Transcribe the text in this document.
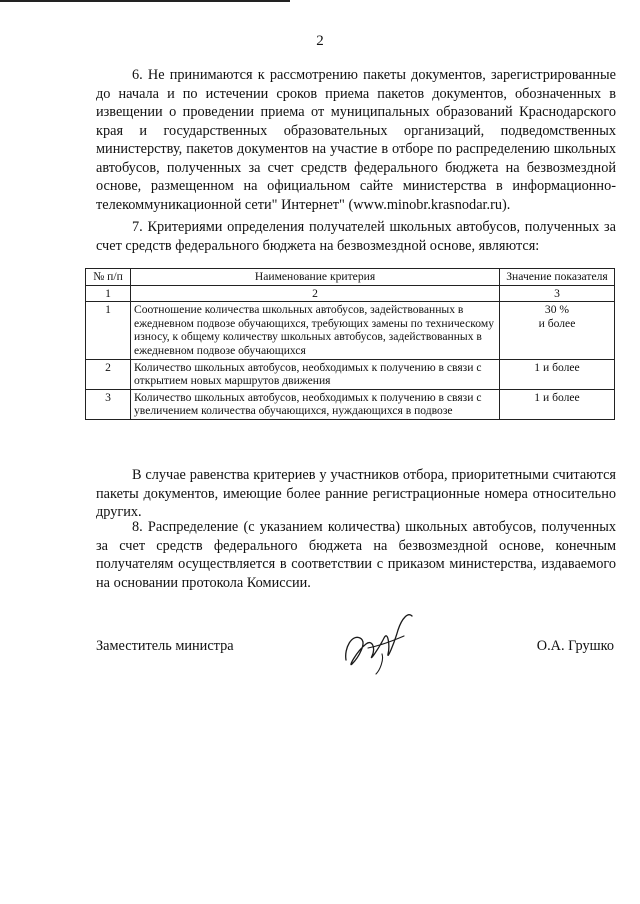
2

6. Не принимаются к рассмотрению пакеты документов, зарегистрированные до начала и по истечении сроков приема пакетов документов, обозначенных в извещении о проведении приема от муниципальных образований Краснодарского края и государственных образовательных организаций, подведомственных министерству, пакетов документов на участие в отборе по распределению школьных автобусов, полученных за счет средств федерального бюджета на безвозмездной основе, размещенном на официальном сайте министерства в информационно-телекоммуникационной сети" Интернет" (www.minobr.krasnodar.ru).

7. Критериями определения получателей школьных автобусов, полученных за счет средств федерального бюджета на безвозмездной основе, являются:

№ п/п	Наименование критерия	Значение показателя
1	2	3
1	Соотношение количества школьных автобусов, задействованных в ежедневном подвозе обучающихся, требующих замены по техническому износу, к общему количеству школьных автобусов, задействованных в ежедневном подвозе обучающихся	30 %
и более

2	Количество школьных автобусов, необходимых к получению в связи с открытием новых маршрутов движения	1 и более

3	Количество школьных автобусов, необходимых к получению в связи с увеличением количества обучающихся, нуждающихся в подвозе	1 и более

В случае равенства критериев у участников отбора, приоритетными считаются пакеты документов, имеющие более ранние регистрационные номера относительно других.

8. Распределение (с указанием количества) школьных автобусов, полученных за счет средств федерального бюджета на безвозмездной основе, конечным получателям осуществляется в соответствии с приказом министерства, издаваемого на основании протокола Комиссии.

Заместитель министра	О.А. Грушко
